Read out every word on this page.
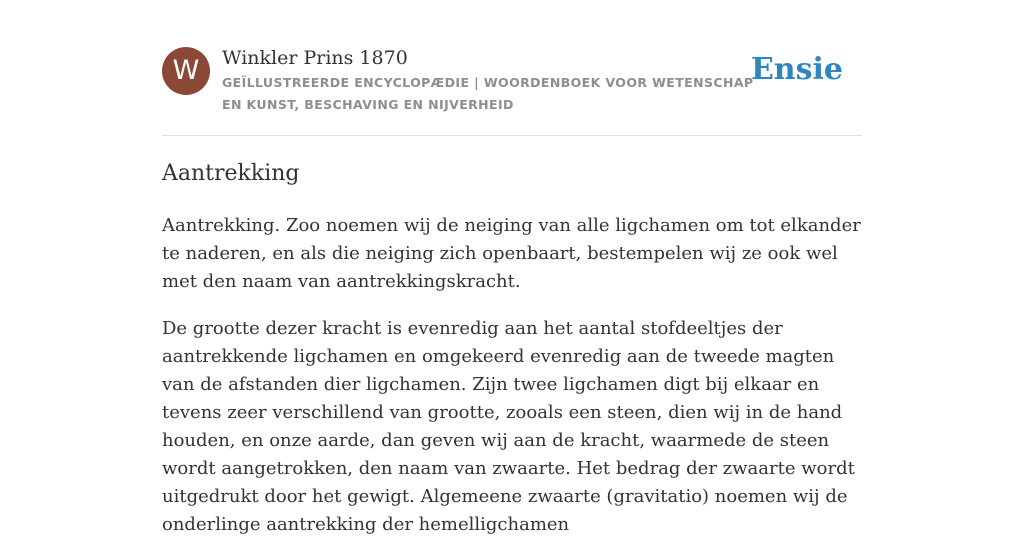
W	Winkler Prins 1870
GEÏLLUSTREERDE ENCYCLOPÆDIE | WOORDENBOEK VOOR WETENSCHAP EN KUNST, BESCHAVING EN NIJVERHEID
Ensie
Aantrekking

Aantrekking. Zoo noemen wij de neiging van alle ligchamen om tot elkander te naderen, en als die neiging zich openbaart, bestempelen wij ze ook wel met den naam van aantrekkingskracht.

De grootte dezer kracht is evenredig aan het aantal stofdeeltjes der aantrekkende ligchamen en omgekeerd evenredig aan de tweede magten van de afstanden dier ligchamen. Zijn twee ligchamen digt bij elkaar en tevens zeer verschillend van grootte, zooals een steen, dien wij in de hand houden, en onze aarde, dan geven wij aan de kracht, waarmede de steen wordt aangetrokken, den naam van zwaarte. Het bedrag der zwaarte wordt uitgedrukt door het gewigt. Algemeene zwaarte (gravitatio) noemen wij de onderlinge aantrekking der hemelligchamen
